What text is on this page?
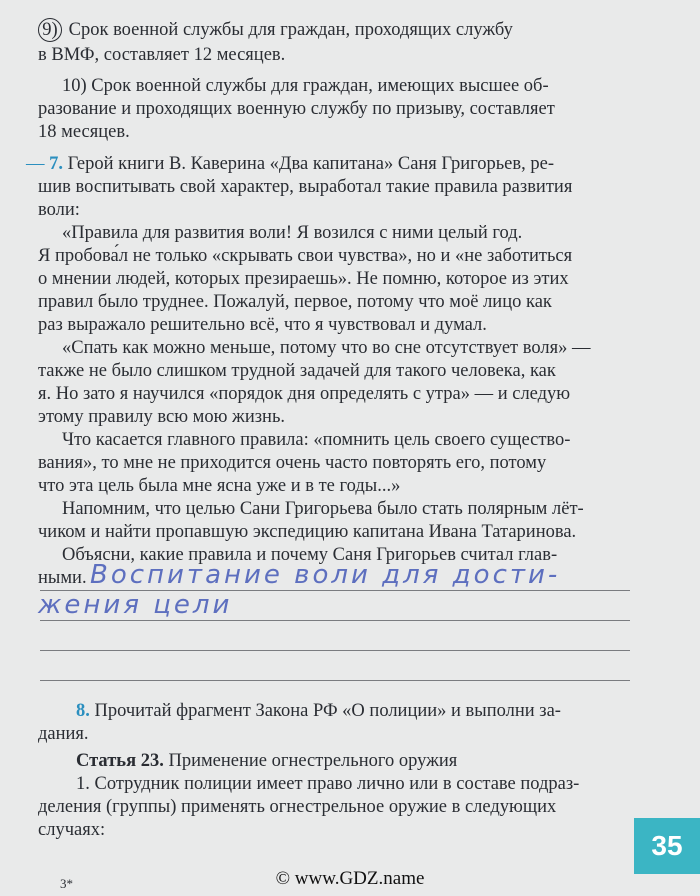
9) Срок военной службы для граждан, проходящих службу
в ВМФ, составляет 12 месяцев.
10) Срок военной службы для граждан, имеющих высшее об-
разование и проходящих военную службу по призыву, составляет
18 месяцев.
— 7. Герой книги В. Каверина «Два капитана» Саня Григорьев, ре-
шив воспитывать свой характер, выработал такие правила развития
воли:
«Правила для развития воли! Я возился с ними целый год.
Я пробова́л не только «скрывать свои чувства», но и «не заботиться
о мнении людей, которых презираешь». Не помню, которое из этих
правил было труднее. Пожалуй, первое, потому что моё лицо как
раз выражало решительно всё, что я чувствовал и думал.
«Спать как можно меньше, потому что во сне отсутствует воля» —
также не было слишком трудной задачей для такого человека, как
я. Но зато я научился «порядок дня определять с утра» — и следую
этому правилу всю мою жизнь.
Что касается главного правила: «помнить цель своего существо-
вания», то мне не приходится очень часто повторять его, потому
что эта цель была мне ясна уже и в те годы...»
Напомним, что целью Сани Григорьева было стать полярным лёт-
чиком и найти пропавшую экспедицию капитана Ивана Татаринова.
Объясни, какие правила и почему Саня Григорьев считал глав-
ными. Воспитание воли для дости-
жения цели
8. Прочитай фрагмент Закона РФ «О полиции» и выполни за-
дания.
Статья 23. Применение огнестрельного оружия
1. Сотрудник полиции имеет право лично или в составе подраз-
деления (группы) применять огнестрельное оружие в следующих
случаях:	35
3*	© www.GDZ.name
